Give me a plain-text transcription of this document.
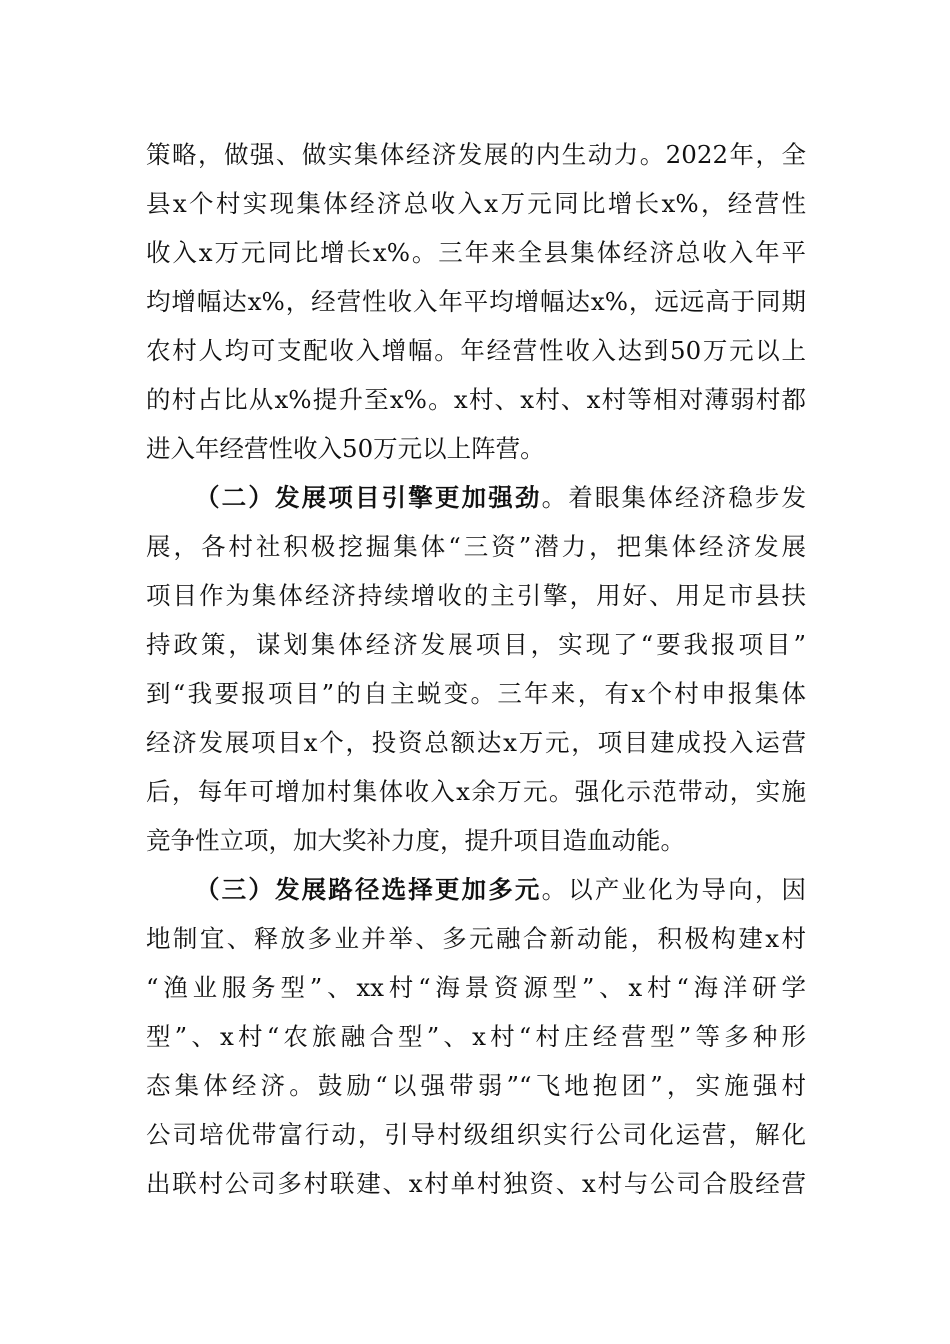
策略，做强、做实集体经济发展的内生动力。2022年，全
县x个村实现集体经济总收入x万元同比增长x%，经营性
收入x万元同比增长x%。三年来全县集体经济总收入年平
均增幅达x%，经营性收入年平均增幅达x%，远远高于同期
农村人均可支配收入增幅。年经营性收入达到50万元以上
的村占比从x%提升至x%。x村、x村、x村等相对薄弱村都
进入年经营性收入50万元以上阵营。
（二）发展项目引擎更加强劲。着眼集体经济稳步发
展，各村社积极挖掘集体“三资”潜力，把集体经济发展
项目作为集体经济持续增收的主引擎，用好、用足市县扶
持政策，谋划集体经济发展项目，实现了“要我报项目”
到“我要报项目”的自主蜕变。三年来，有x个村申报集体
经济发展项目x个，投资总额达x万元，项目建成投入运营
后，每年可增加村集体收入x余万元。强化示范带动，实施
竞争性立项，加大奖补力度，提升项目造血动能。
（三）发展路径选择更加多元。以产业化为导向，因
地制宜、释放多业并举、多元融合新动能，积极构建x村
“渔业服务型”、xx村“海景资源型”、x村“海洋研学
型”、x村“农旅融合型”、x村“村庄经营型”等多种形
态集体经济。鼓励“以强带弱”“飞地抱团”，实施强村
公司培优带富行动，引导村级组织实行公司化运营，解化
出联村公司多村联建、x村单村独资、x村与公司合股经营
